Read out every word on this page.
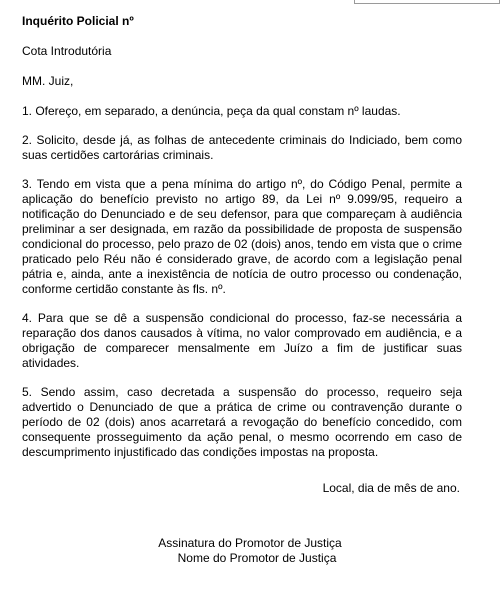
Inquérito Policial nº

Cota Introdutória

MM. Juiz,

1. Ofereço, em separado, a denúncia, peça da qual constam nº laudas.

2. Solicito, desde já, as folhas de antecedente criminais do Indiciado, bem como suas certidões cartorárias criminais.

3. Tendo em vista que a pena mínima do artigo nº, do Código Penal, permite a aplicação do benefício previsto no artigo 89, da Lei nº 9.099/95, requeiro a notificação do Denunciado e de seu defensor, para que compareçam à audiência preliminar a ser designada, em razão da possibilidade de proposta de suspensão condicional do processo, pelo prazo de 02 (dois) anos, tendo em vista que o crime praticado pelo Réu não é considerado grave, de acordo com a legislação penal pátria e, ainda, ante a inexistência de notícia de outro processo ou condenação, conforme certidão constante às fls. nº.

4. Para que se dê a suspensão condicional do processo, faz-se necessária a reparação dos danos causados à vítima, no valor comprovado em audiência, e a obrigação de comparecer mensalmente em Juízo a fim de justificar suas atividades.

5. Sendo assim, caso decretada a suspensão do processo, requeiro seja advertido o Denunciado de que a prática de crime ou contravenção durante o período de 02 (dois) anos acarretará a revogação do benefício concedido, com consequente prosseguimento da ação penal, o mesmo ocorrendo em caso de descumprimento injustificado das condições impostas na proposta.

Local, dia de mês de ano.

Assinatura do Promotor de Justiça

Nome do Promotor de Justiça
